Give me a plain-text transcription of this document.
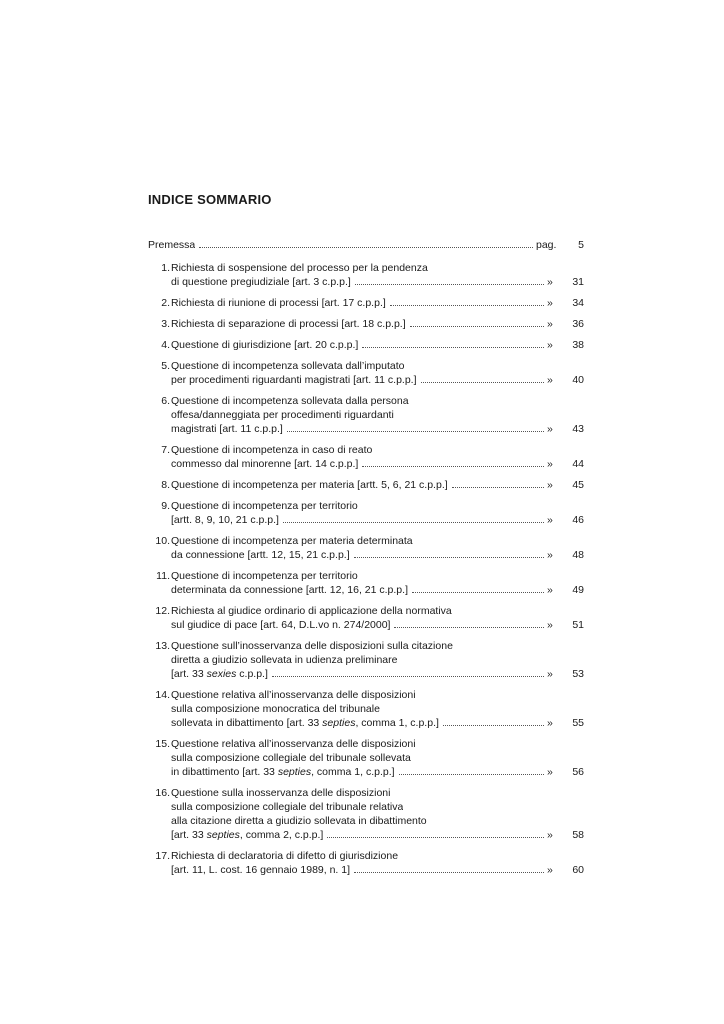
INDICE SOMMARIO
Premessa	pag.	5
1. Richiesta di sospensione del processo per la pendenza
di questione pregiudiziale [art. 3 c.p.p.]	»	31
2. Richiesta di riunione di processi [art. 17 c.p.p.]	»	34
3. Richiesta di separazione di processi [art. 18 c.p.p.]	»	36
4. Questione di giurisdizione [art. 20 c.p.p.]	»	38
5. Questione di incompetenza sollevata dall’imputato
per procedimenti riguardanti magistrati [art. 11 c.p.p.]	»	40
6. Questione di incompetenza sollevata dalla persona
offesa/danneggiata per procedimenti riguardanti
magistrati [art. 11 c.p.p.]	»	43
7. Questione di incompetenza in caso di reato
commesso dal minorenne [art. 14 c.p.p.]	»	44
8. Questione di incompetenza per materia [artt. 5, 6, 21 c.p.p.]	»	45
9. Questione di incompetenza per territorio
[artt. 8, 9, 10, 21 c.p.p.]	»	46
10. Questione di incompetenza per materia determinata
da connessione [artt. 12, 15, 21 c.p.p.]	»	48
11. Questione di incompetenza per territorio
determinata da connessione [artt. 12, 16, 21 c.p.p.]	»	49
12. Richiesta al giudice ordinario di applicazione della normativa
sul giudice di pace [art. 64, D.L.vo n. 274/2000]	»	51
13. Questione sull’inosservanza delle disposizioni sulla citazione
diretta a giudizio sollevata in udienza preliminare
[art. 33 sexies c.p.p.]	»	53
14. Questione relativa all’inosservanza delle disposizioni
sulla composizione monocratica del tribunale
sollevata in dibattimento [art. 33 septies, comma 1, c.p.p.]	»	55
15. Questione relativa all’inosservanza delle disposizioni
sulla composizione collegiale del tribunale sollevata
in dibattimento [art. 33 septies, comma 1, c.p.p.]	»	56
16. Questione sulla inosservanza delle disposizioni
sulla composizione collegiale del tribunale relativa
alla citazione diretta a giudizio sollevata in dibattimento
[art. 33 septies, comma 2, c.p.p.]	»	58
17. Richiesta di declaratoria di difetto di giurisdizione
[art. 11, L. cost. 16 gennaio 1989, n. 1]	»	60
